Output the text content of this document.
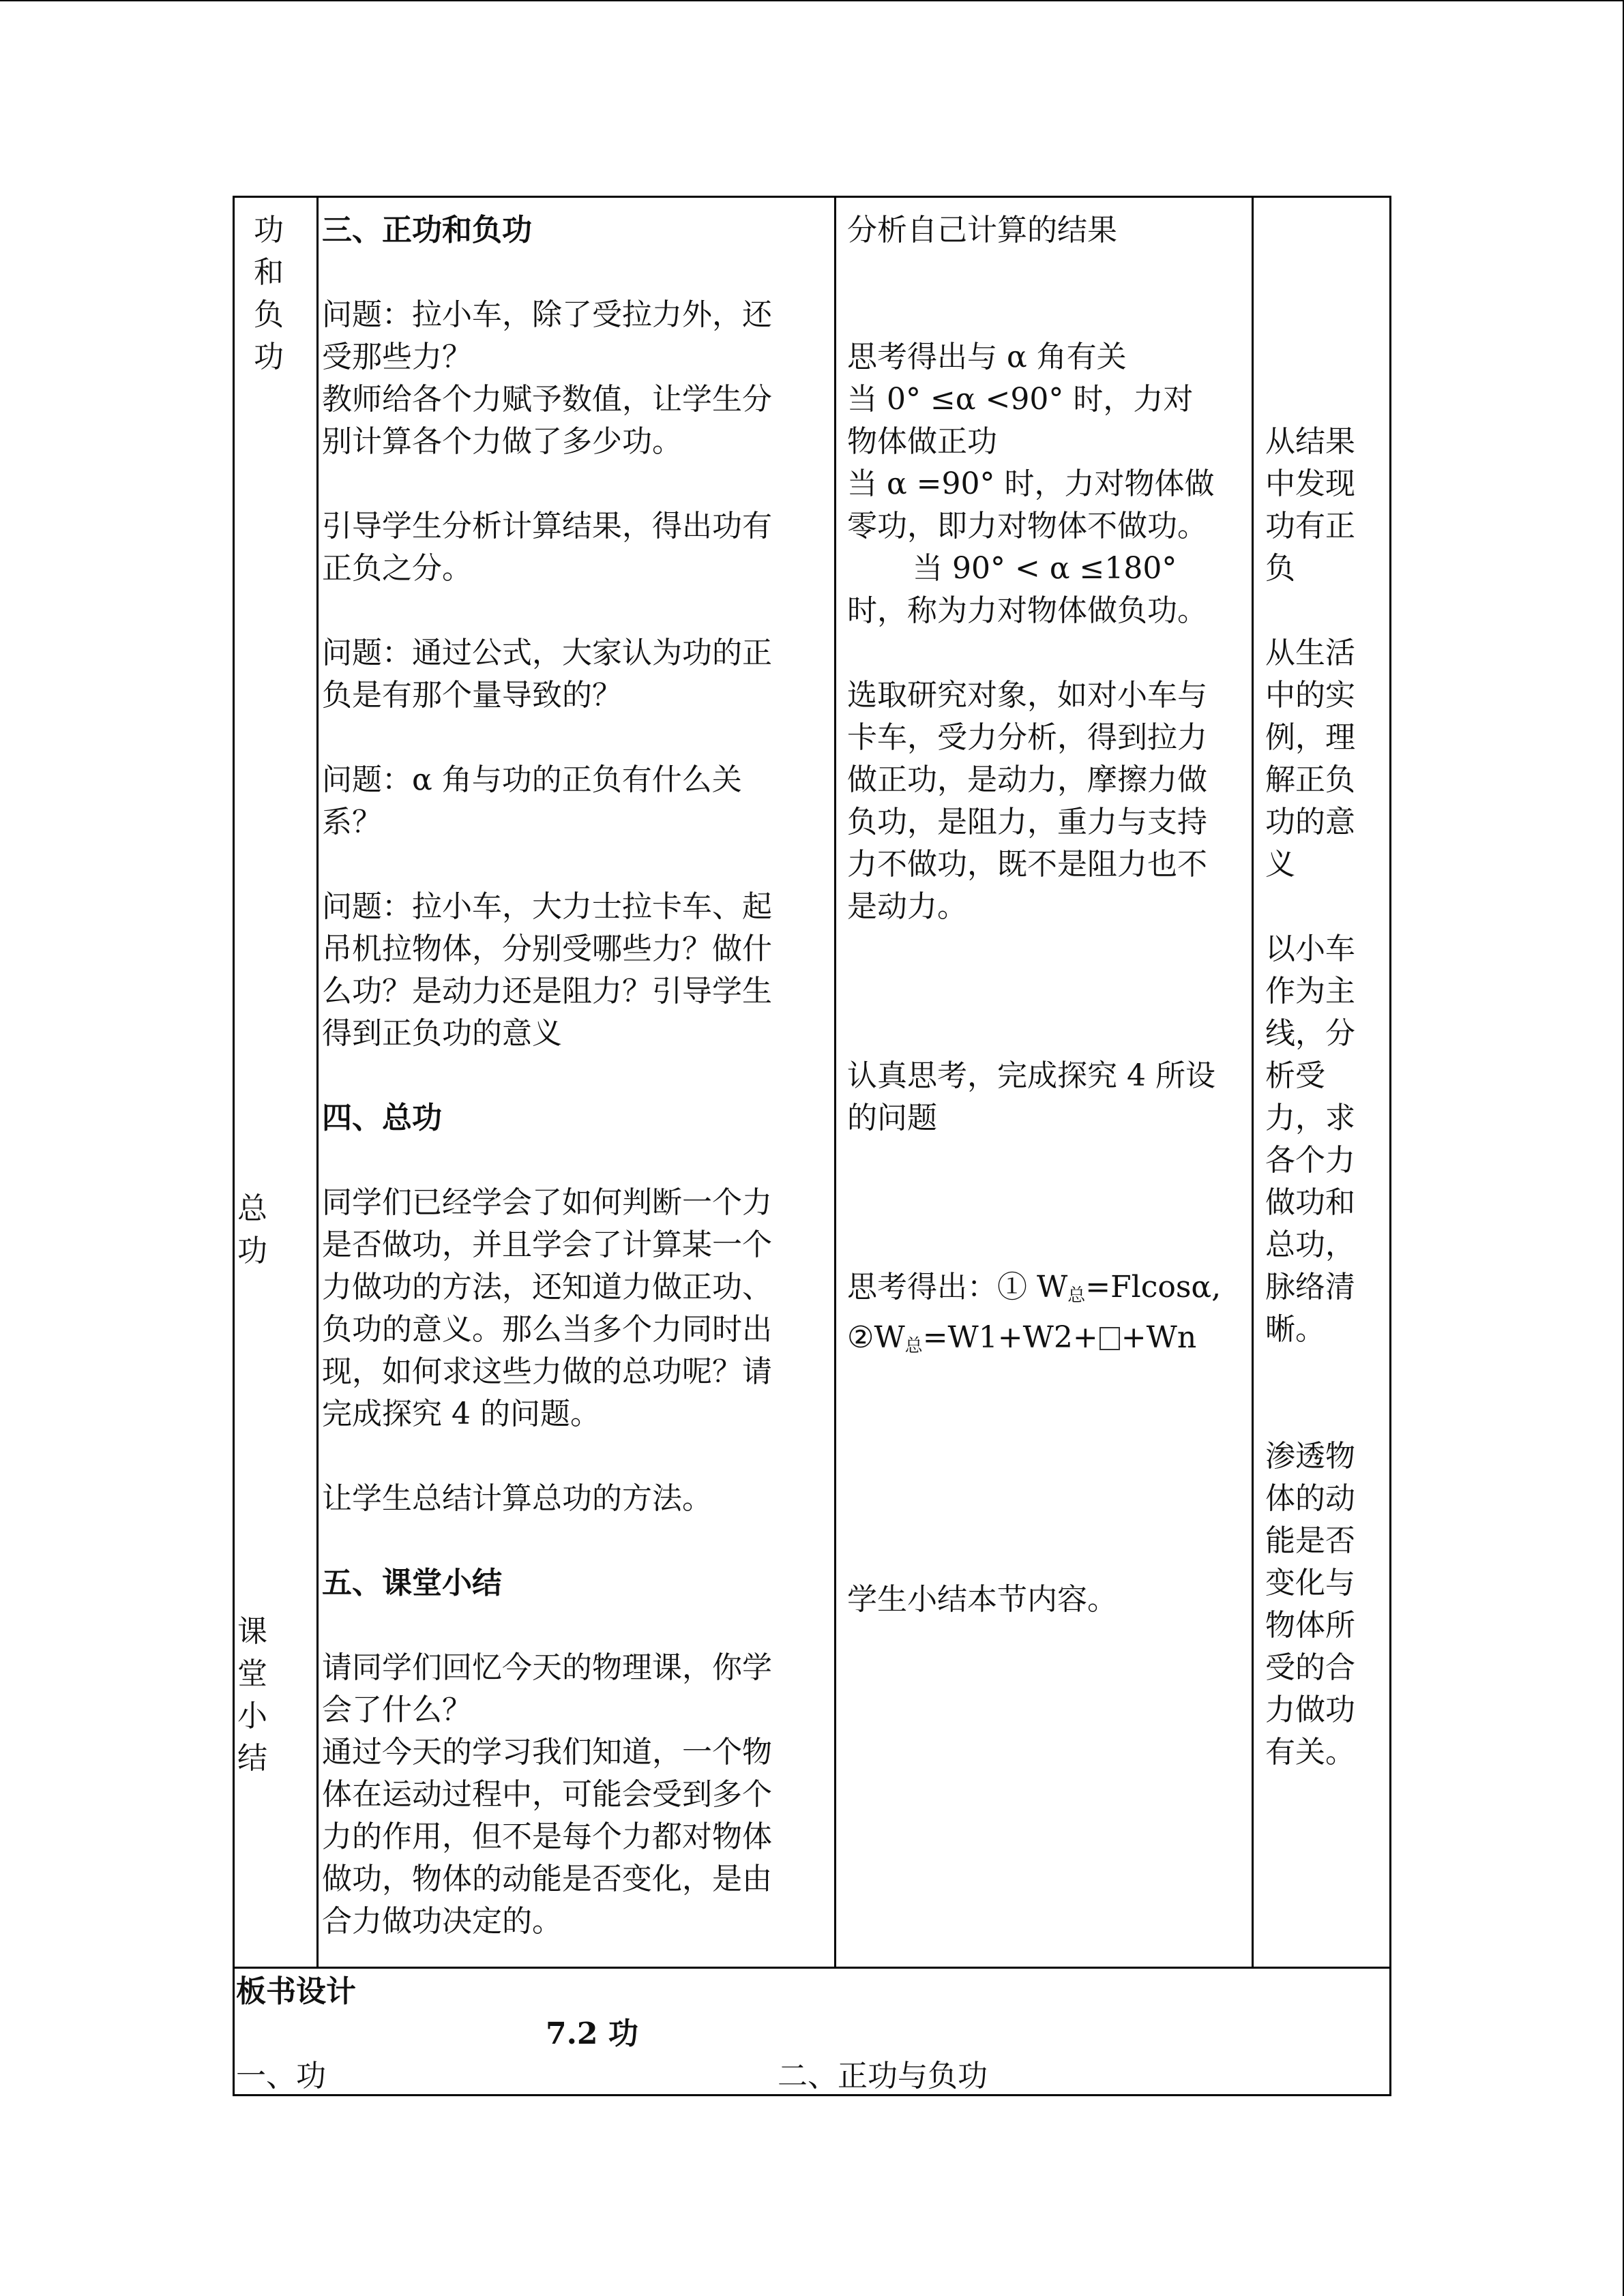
功

和

负

功

总

功

课

堂

小

结

三、正功和负功

问题：拉小车，除了受拉力外，还

受那些力？

教师给各个力赋予数值，让学生分

别计算各个力做了多少功。

引导学生分析计算结果，得出功有

正负之分。

问题：通过公式，大家认为功的正

负是有那个量导致的？

问题：α 角与功的正负有什么关

系？

问题：拉小车，大力士拉卡车、起

吊机拉物体，分别受哪些力？做什

么功？是动力还是阻力？引导学生

得到正负功的意义

四、总功

同学们已经学会了如何判断一个力

是否做功，并且学会了计算某一个

力做功的方法，还知道力做正功、

负功的意义。那么当多个力同时出

现，如何求这些力做的总功呢？请

完成探究 4 的问题。

让学生总结计算总功的方法。

五、课堂小结

请同学们回忆今天的物理课，你学

会了什么？

通过今天的学习我们知道，一个物

体在运动过程中，可能会受到多个

力的作用，但不是每个力都对物体

做功，物体的动能是否变化，是由

合力做功决定的。

分析自己计算的结果

思考得出与 α 角有关

当 0° ≤α <90° 时，力对

物体做正功

当 α =90° 时，力对物体做

零功，即力对物体不做功。

当 90° < α ≤180°

时，称为力对物体做负功。

选取研究对象，如对小车与

卡车，受力分析，得到拉力

做正功，是动力，摩擦力做

负功，是阻力，重力与支持

力不做功，既不是阻力也不

是动力。

认真思考，完成探究 4 所设

的问题

思考得出：① $W_总=Flcos\alpha$,

$②W_总=W1+W2+ +Wn$

学生小结本节内容。

从结果

中发现

功有正

负

从生活

中的实

例，理

解正负

功的意

义

以小车

作为主

线，分

析受

力，求

各个力

做功和

总功，

脉络清

晰。

渗透物

体的动

能是否

变化与

物体所

受的合

力做功

有关。

板书设计
7.2 功
一、功	二、正功与负功
